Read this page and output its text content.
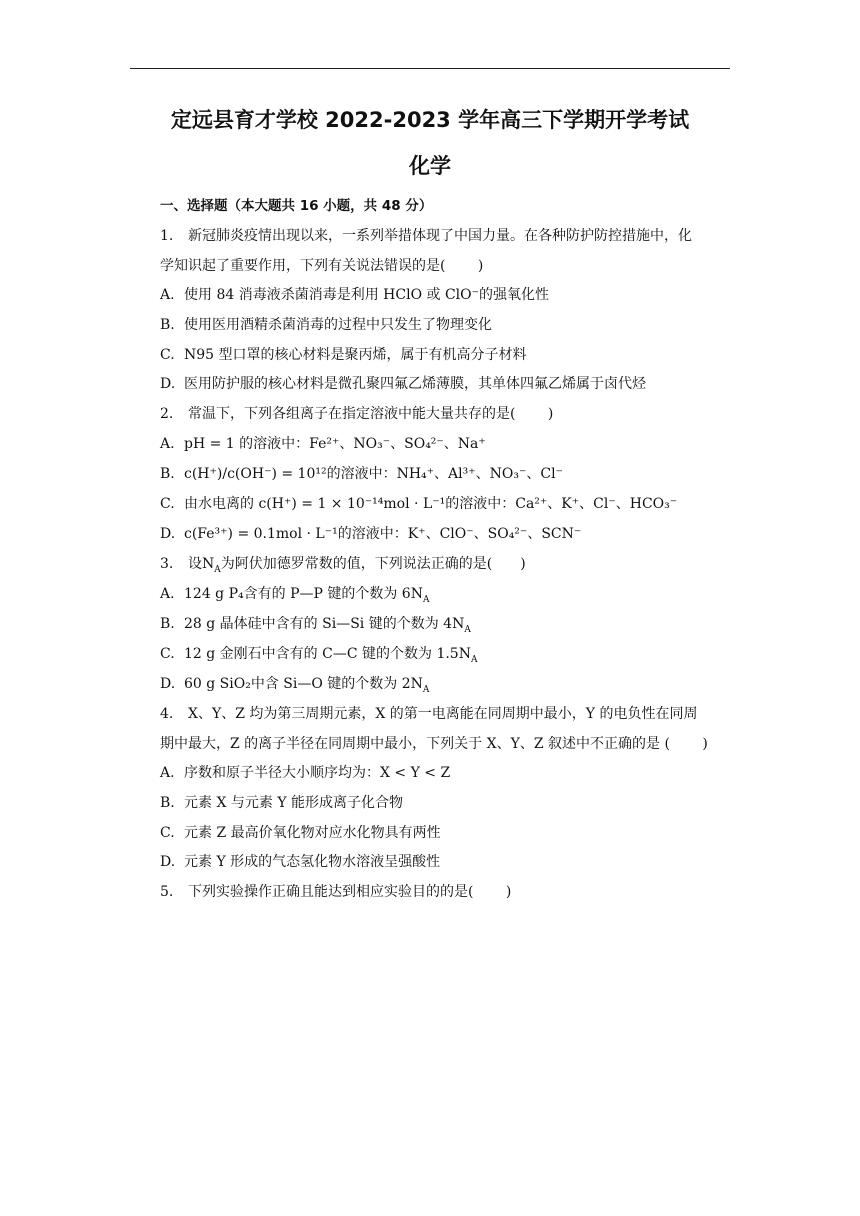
定远县育才学校 2022-2023 学年高三下学期开学考试
化学
一、选择题（本大题共 16 小题，共 48 分）
1. 新冠肺炎疫情出现以来，一系列举措体现了中国力量。在各种防护防控措施中，化
学知识起了重要作用，下列有关说法错误的是(　　 )
A. 使用 84 消毒液杀菌消毒是利用 HClO 或 ClO⁻的强氧化性
B. 使用医用酒精杀菌消毒的过程中只发生了物理变化
C. N95 型口罩的核心材料是聚丙烯，属于有机高分子材料
D. 医用防护服的核心材料是微孔聚四氟乙烯薄膜，其单体四氟乙烯属于卤代烃
2. 常温下，下列各组离子在指定溶液中能大量共存的是(　　 )
A. pH = 1 的溶液中：Fe²⁺、NO₃⁻、SO₄²⁻、Na⁺
B. c(H⁺)/c(OH⁻) = 10¹²的溶液中：NH₄⁺、Al³⁺、NO₃⁻、Cl⁻
C. 由水电离的 c(H⁺) = 1 × 10⁻¹⁴mol · L⁻¹的溶液中：Ca²⁺、K⁺、Cl⁻、HCO₃⁻
D. c(Fe³⁺) = 0.1mol · L⁻¹的溶液中：K⁺、ClO⁻、SO₄²⁻、SCN⁻
3. 设$N_A$为阿伏加德罗常数的值，下列说法正确的是(　　)
A. 124 g P₄含有的 P—P 键的个数为 $6N_A$
B. 28 g 晶体硅中含有的 Si—Si 键的个数为 $4N_A$
C. 12 g 金刚石中含有的 C—C 键的个数为 $1.5N_A$
D. 60 g SiO₂中含 Si—O 键的个数为 $2N_A$
4. X、Y、Z 均为第三周期元素，X 的第一电离能在同周期中最小，Y 的电负性在同周
期中最大，Z 的离子半径在同周期中最小，下列关于 X、Y、Z 叙述中不正确的是 (　　 )
A. 序数和原子半径大小顺序均为：X < Y < Z
B. 元素 X 与元素 Y 能形成离子化合物
C. 元素 Z 最高价氧化物对应水化物具有两性
D. 元素 Y 形成的气态氢化物水溶液呈强酸性
5. 下列实验操作正确且能达到相应实验目的的是(　　 )
